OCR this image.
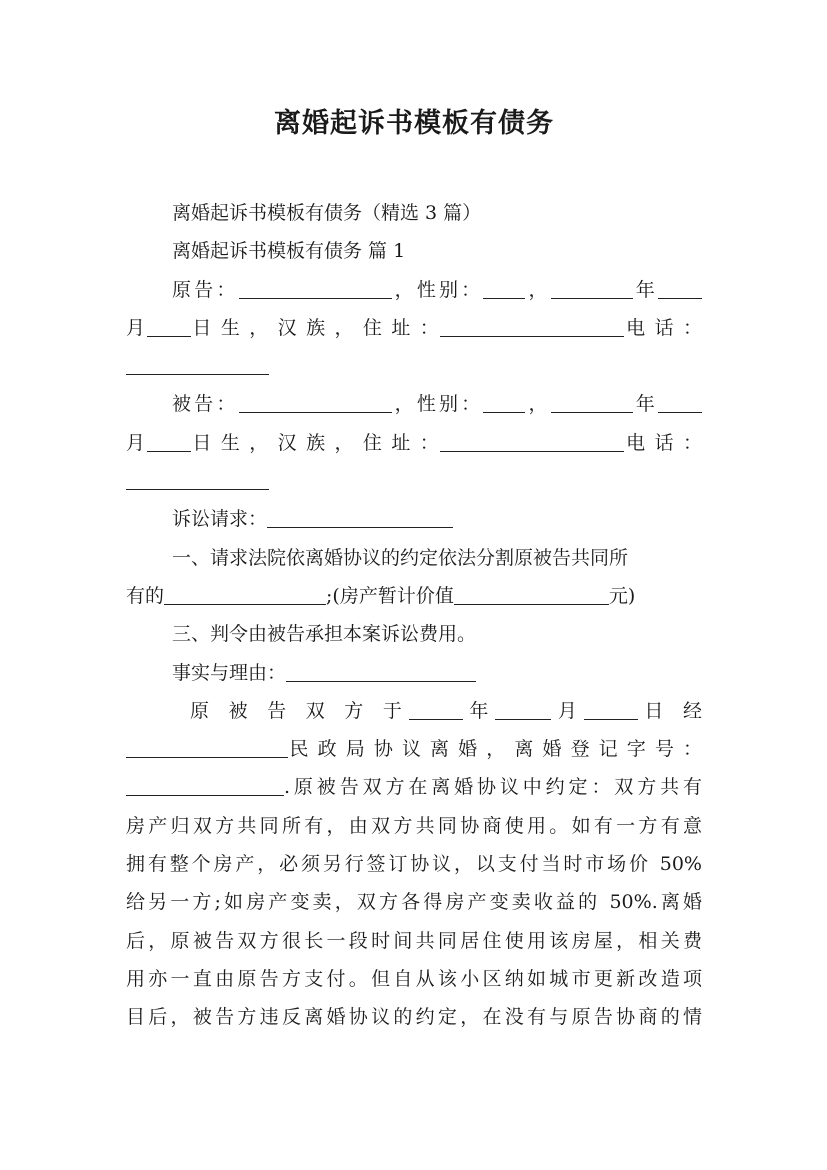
离婚起诉书模板有债务

离婚起诉书模板有债务（精选 3 篇）

离婚起诉书模板有债务 篇 1

原告：	，性别： ，	年

月 日 生 ， 汉 族 ， 住 址 ：	电 话 ：

被告：	，性别： ，	年

月 日 生 ， 汉 族 ， 住 址 ：	电 话 ：

诉讼请求：

一、请求法院依离婚协议的约定依法分割原被告共同所

有的	;(房产暂计价值	元)

三、判令由被告承担本案诉讼费用。

事实与理由：

原 被 告 双 方 于	年	月	日 经

民 政 局 协 议 离 婚 ， 离 婚 登 记 字 号 ：

.原被告双方在离婚协议中约定：双方共有

房产归双方共同所有，由双方共同协商使用。如有一方有意

拥有整个房产，必须另行签订协议，以支付当时市场价 50%

给另一方;如房产变卖，双方各得房产变卖收益的 50%.离婚

后，原被告双方很长一段时间共同居住使用该房屋，相关费

用亦一直由原告方支付。但自从该小区纳如城市更新改造项

目后，被告方违反离婚协议的约定，在没有与原告协商的情
